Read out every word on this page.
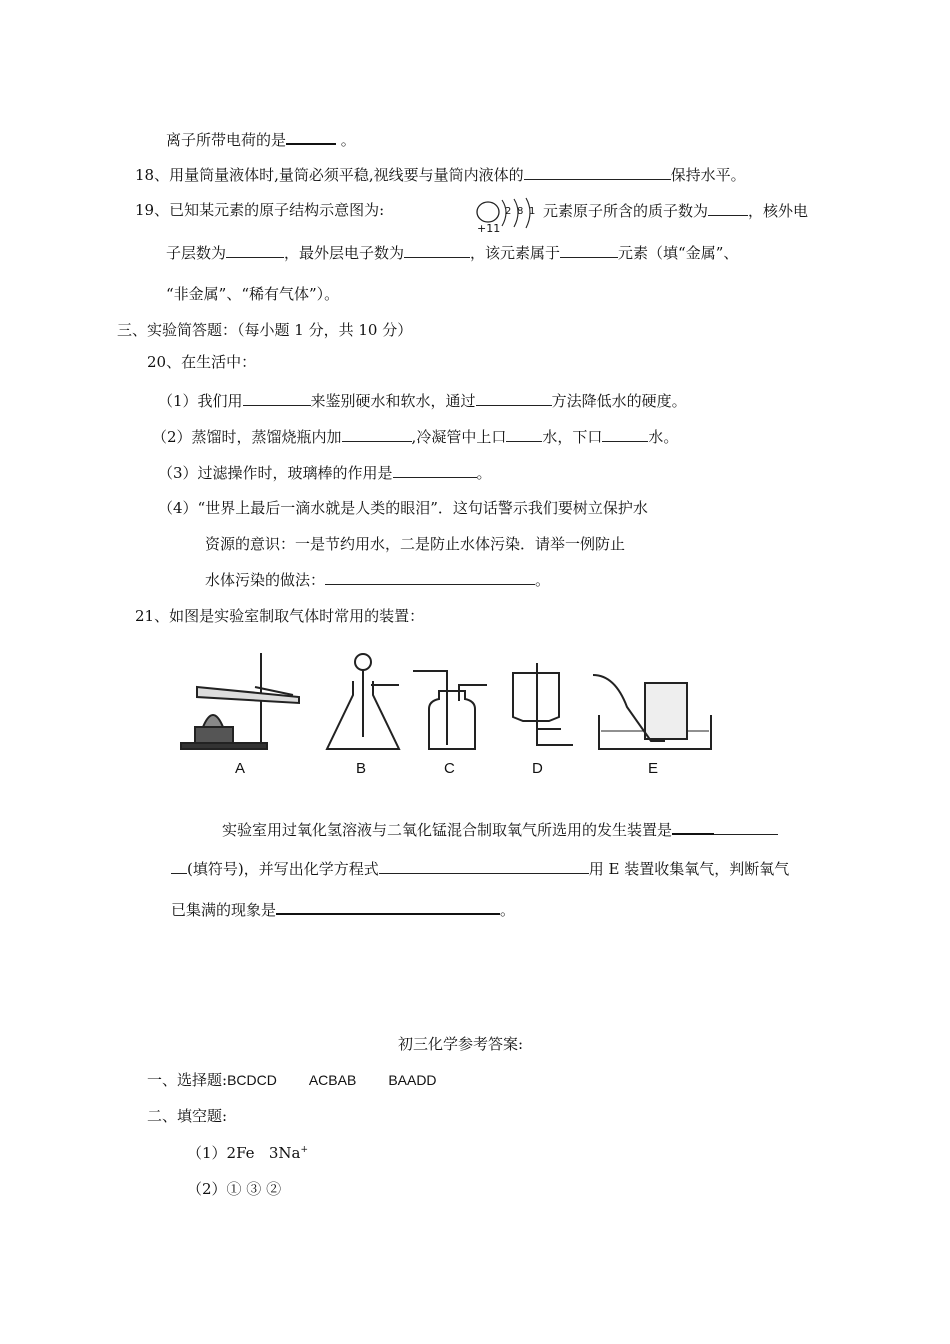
离子所带电荷的是	。
18、用量筒量液体时,量筒必须平稳,视线要与量筒内液体的	保持水平。
19、已知某元素的原子结构示意图为:
+11
2 8 1 元素原子所含的质子数为	，核外电
子层数为	，最外层电子数为	，该元素属于	元素（填“金属”、
“非金属”、“稀有气体”）。
三、实验简答题：（每小题 1 分，共 10 分）
20、在生活中：
（1）我们用	来鉴别硬水和软水，通过	方法降低水的硬度。
（2）蒸馏时，蒸馏烧瓶内加	,冷凝管中上口 水，下口	水。
（3）过滤操作时，玻璃棒的作用是	。
（4）“世界上最后一滴水就是人类的眼泪”．这句话警示我们要树立保护水
资源的意识：一是节约用水，二是防止水体污染．请举一例防止
水体污染的做法：	。
21、如图是实验室制取气体时常用的装置：
A	B	C	D	E
实验室用过氧化氢溶液与二氧化锰混合制取氧气所选用的发生装置是
(填符号)，并写出化学方程式	用 E 装置收集氧气，判断氧气
已集满的现象是	。
初三化学参考答案:
一、选择题:BCDCD ACBAB BAADD
二、填空题:
（1）2Fe 3Na+
（2）① ③ ②
